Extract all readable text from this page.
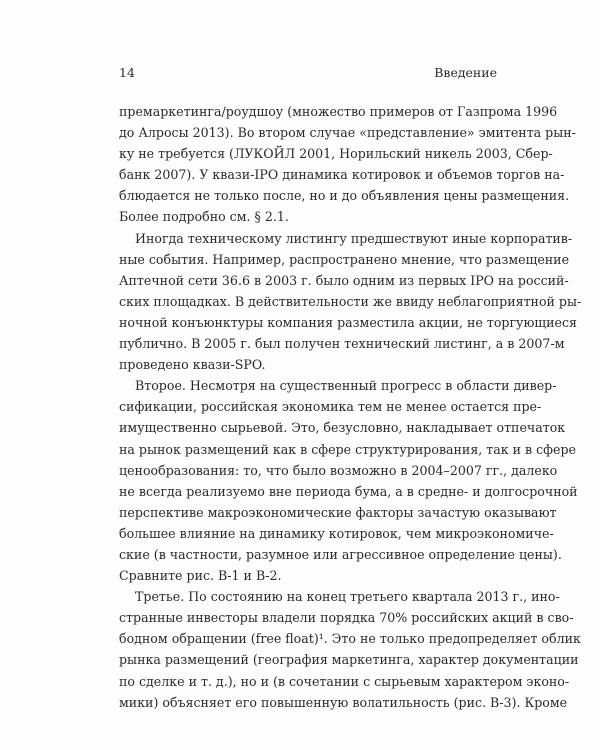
14	Введение
премаркетинга/роудшоу (множество примеров от Газпрома 1996
до Алросы 2013). Во втором случае «представление» эмитента рын-
ку не требуется (ЛУКОЙЛ 2001, Норильский никель 2003, Сбер-
банк 2007). У квази-IPO динамика котировок и объемов торгов на-
блюдается не только после, но и до объявления цены размещения.
Более подробно см. § 2.1.
Иногда техническому листингу предшествуют иные корпоратив-
ные события. Например, распространено мнение, что размещение
Аптечной сети 36.6 в 2003 г. было одним из первых IPO на россий-
ских площадках. В действительности же ввиду неблагоприятной ры-
ночной конъюнктуры компания разместила акции, не торгующиеся
публично. В 2005 г. был получен технический листинг, а в 2007-м
проведено квази-SPO.
Второе. Несмотря на существенный прогресс в области дивер-
сификации, российская экономика тем не менее остается пре-
имущественно сырьевой. Это, безусловно, накладывает отпечаток
на рынок размещений как в сфере структурирования, так и в сфере
ценообразования: то, что было возможно в 2004–2007 гг., далеко
не всегда реализуемо вне периода бума, а в средне- и долгосрочной
перспективе макроэкономические факторы зачастую оказывают
большее влияние на динамику котировок, чем микроэкономиче-
ские (в частности, разумное или агрессивное определение цены).
Сравните рис. В-1 и В-2.
Третье. По состоянию на конец третьего квартала 2013 г., ино-
странные инвесторы владели порядка 70% российских акций в сво-
бодном обращении (free float)¹. Это не только предопределяет облик
рынка размещений (география маркетинга, характер документации
по сделке и т. д.), но и (в сочетании с сырьевым характером эконо-
мики) объясняет его повышенную волатильность (рис. В-3). Кроме
